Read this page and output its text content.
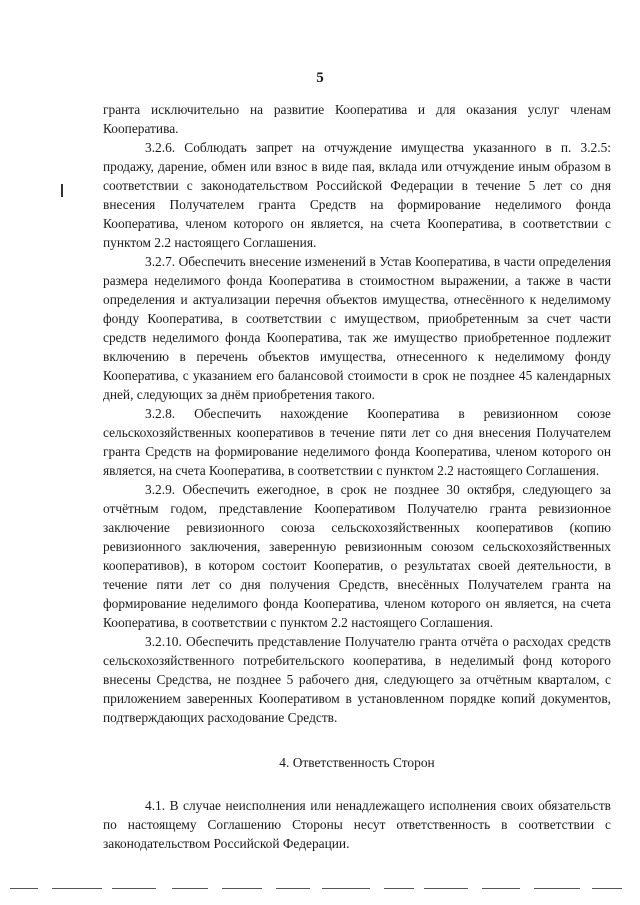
5

гранта исключительно на развитие Кооператива и для оказания услуг членам Кооператива.

3.2.6. Соблюдать запрет на отчуждение имущества указанного в п. 3.2.5: продажу, дарение, обмен или взнос в виде пая, вклада или отчуждение иным образом в соответствии с законодательством Российской Федерации в течение 5 лет со дня внесения Получателем гранта Средств на формирование неделимого фонда Кооператива, членом которого он является, на счета Кооператива, в соответствии с пунктом 2.2 настоящего Соглашения.

3.2.7. Обеспечить внесение изменений в Устав Кооператива, в части определения размера неделимого фонда Кооператива в стоимостном выражении, а также в части определения и актуализации перечня объектов имущества, отнесённого к неделимому фонду Кооператива, в соответствии с имуществом, приобретенным за счет части средств неделимого фонда Кооператива, так же имущество приобретенное подлежит включению в перечень объектов имущества, отнесенного к неделимому фонду Кооператива, с указанием его балансовой стоимости в срок не позднее 45 календарных дней, следующих за днём приобретения такого.

3.2.8. Обеспечить нахождение Кооператива в ревизионном союзе сельскохозяйственных кооперативов в течение пяти лет со дня внесения Получателем гранта Средств на формирование неделимого фонда Кооператива, членом которого он является, на счета Кооператива, в соответствии с пунктом 2.2 настоящего Соглашения.

3.2.9. Обеспечить ежегодное, в срок не позднее 30 октября, следующего за отчётным годом, представление Кооперативом Получателю гранта ревизионное заключение ревизионного союза сельскохозяйственных кооперативов (копию ревизионного заключения, заверенную ревизионным союзом сельскохозяйственных кооперативов), в котором состоит Кооператив, о результатах своей деятельности, в течение пяти лет со дня получения Средств, внесённых Получателем гранта на формирование неделимого фонда Кооператива, членом которого он является, на счета Кооператива, в соответствии с пунктом 2.2 настоящего Соглашения.

3.2.10. Обеспечить представление Получателю гранта отчёта о расходах средств сельскохозяйственного потребительского кооператива, в неделимый фонд которого внесены Средства, не позднее 5 рабочего дня, следующего за отчётным кварталом, с приложением заверенных Кооперативом в установленном порядке копий документов, подтверждающих расходование Средств.

4. Ответственность Сторон

4.1. В случае неисполнения или ненадлежащего исполнения своих обязательств по настоящему Соглашению Стороны несут ответственность в соответствии с законодательством Российской Федерации.
